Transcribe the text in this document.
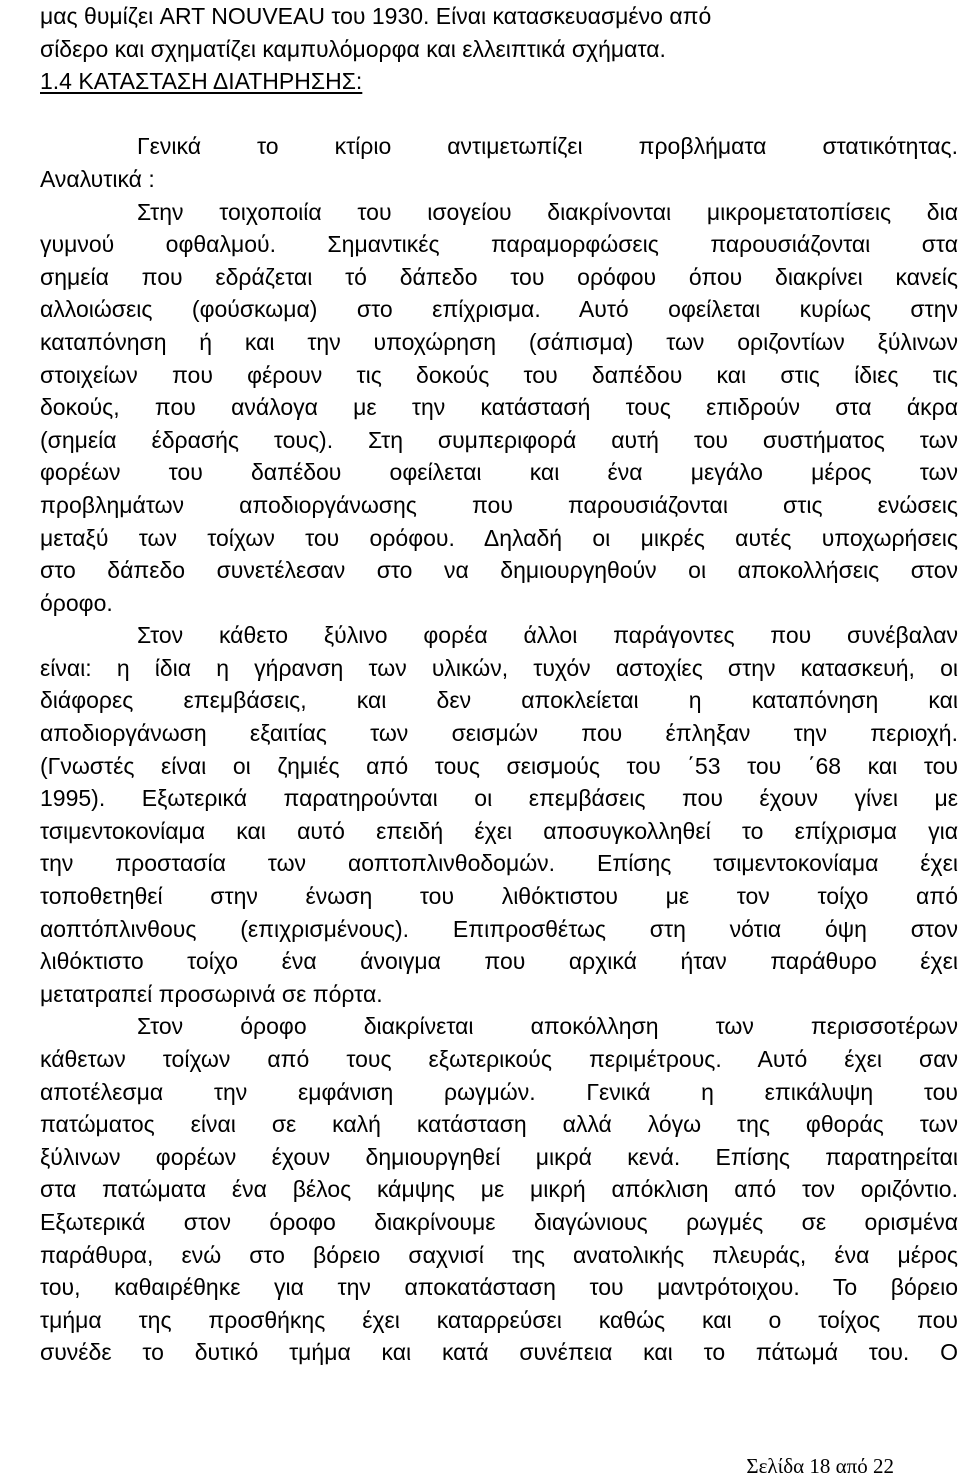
μας θυμίζει ART NOUVEAU του 1930. Είναι κατασκευασμένο από
σίδερο και σχηματίζει καμπυλόμορφα και ελλειπτικά σχήματα.
1.4 ΚΑΤΑΣΤΑΣΗ ΔΙΑΤΗΡΗΣΗΣ:
Γενικά το κτίριο αντιμετωπίζει προβλήματα στατικότητας.
Αναλυτικά :
Στην τοιχοποιία του ισογείου διακρίνονται μικρομετατοπίσεις δια
γυμνού οφθαλμού. Σημαντικές παραμορφώσεις παρουσιάζονται στα
σημεία που εδράζεται τό δάπεδο του ορόφου όπου διακρίνει κανείς
αλλοιώσεις (φούσκωμα) στο επίχρισμα. Αυτό οφείλεται κυρίως στην
καταπόνηση ή και την υποχώρηση (σάπισμα) των οριζοντίων ξύλινων
στοιχείων που φέρουν τις δοκούς του δαπέδου και στις ίδιες τις
δοκούς, που ανάλογα με την κατάστασή τους επιδρούν στα άκρα
(σημεία έδρασής τους). Στη συμπεριφορά αυτή του συστήματος των
φορέων του δαπέδου οφείλεται και ένα μεγάλο μέρος των
προβλημάτων αποδιοργάνωσης που παρουσιάζονται στις ενώσεις
μεταξύ των τοίχων του ορόφου. Δηλαδή οι μικρές αυτές υποχωρήσεις
στο δάπεδο συνετέλεσαν στο να δημιουργηθούν οι αποκολλήσεις στον
όροφο.
Στον κάθετο ξύλινο φορέα άλλοι παράγοντες που συνέβαλαν
είναι: η ίδια η γήρανση των υλικών, τυχόν αστοχίες στην κατασκευή, οι
διάφορες επεμβάσεις, και δεν αποκλείεται η καταπόνηση και
αποδιοργάνωση εξαιτίας των σεισμών που έπληξαν την περιοχή.
(Γνωστές είναι οι ζημιές από τους σεισμούς του ΄53 του ΄68 και του
1995). Εξωτερικά παρατηρούνται οι επεμβάσεις που έχουν γίνει με
τσιμεντοκονίαμα και αυτό επειδή έχει αποσυγκολληθεί το επίχρισμα για
την προστασία των αοπτοπλινθοδομών. Επίσης τσιμεντοκονίαμα έχει
τοποθετηθεί στην ένωση του λιθόκτιστου με τον τοίχο από
αοπτόπλινθους (επιχρισμένους). Επιπροσθέτως στη νότια όψη στον
λιθόκτιστο τοίχο ένα άνοιγμα που αρχικά ήταν παράθυρο έχει
μετατραπεί προσωρινά σε πόρτα.
Στον όροφο διακρίνεται αποκόλληση των περισσοτέρων
κάθετων τοίχων από τους εξωτερικούς περιμέτρους. Αυτό έχει σαν
αποτέλεσμα την εμφάνιση ρωγμών. Γενικά η επικάλυψη του
πατώματος είναι σε καλή κατάσταση αλλά λόγω της φθοράς των
ξύλινων φορέων έχουν δημιουργηθεί μικρά κενά. Επίσης παρατηρείται
στα πατώματα ένα βέλος κάμψης με μικρή απόκλιση από τον οριζόντιο.
Εξωτερικά στον όροφο διακρίνουμε διαγώνιους ρωγμές σε ορισμένα
παράθυρα, ενώ στο βόρειο σαχνισί της ανατολικής πλευράς, ένα μέρος
του, καθαιρέθηκε για την αποκατάσταση του μαντρότοιχου. Το βόρειο
τμήμα της προσθήκης έχει καταρρεύσει καθώς και ο τοίχος που
συνέδε το δυτικό τμήμα και κατά συνέπεια και το πάτωμά του. Ο
Σελίδα 18 από 22
